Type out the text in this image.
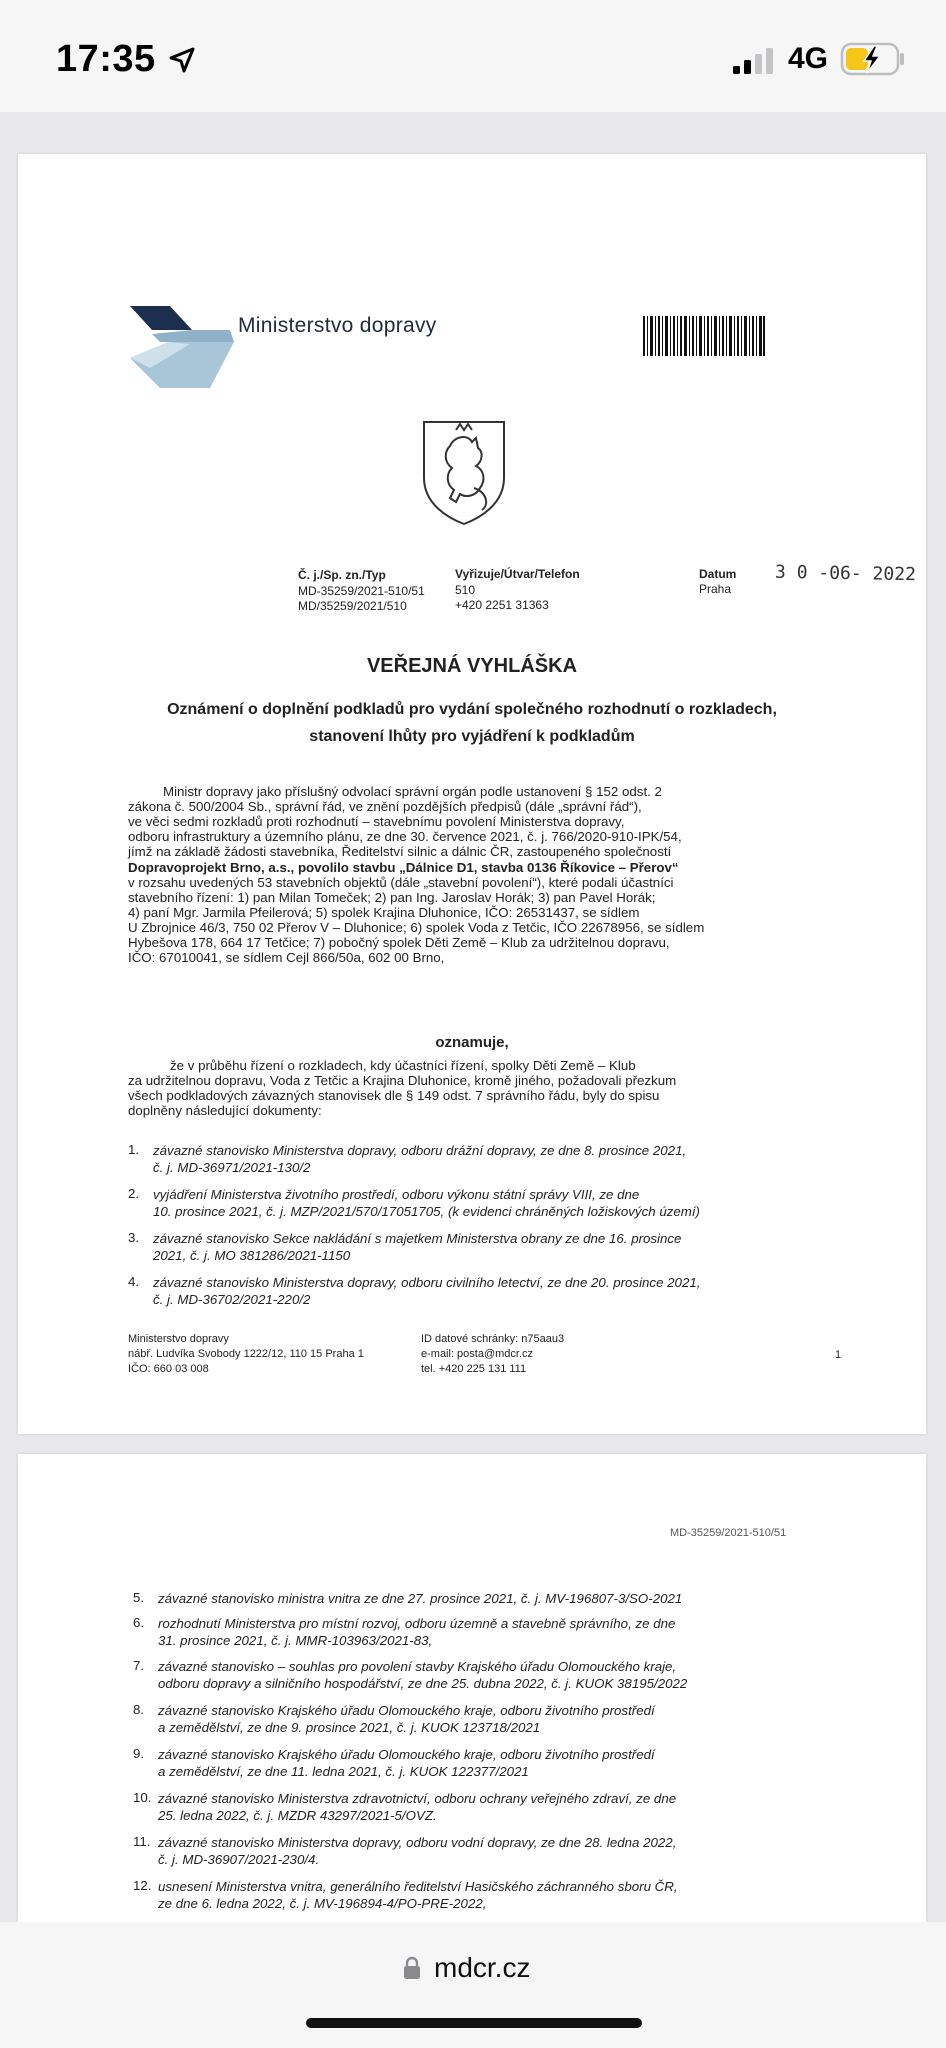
17:35	4G
Ministerstvo dopravy
Č. j./Sp. zn./Typ
MD-35259/2021-510/51
MD/35259/2021/510
Vyřizuje/Útvar/Telefon
510
+420 2251 31363
Datum
Praha
3 0 -06- 2022
VEŘEJNÁ VYHLÁŠKA
Oznámení o doplnění podkladů pro vydání společného rozhodnutí o rozkladech,
stanovení lhůty pro vyjádření k podkladům
Ministr dopravy jako příslušný odvolací správní orgán podle ustanovení § 152 odst. 2
zákona č. 500/2004 Sb., správní řád, ve znění pozdějších předpisů (dále „správní řád“),
ve věci sedmi rozkladů proti rozhodnutí – stavebnímu povolení Ministerstva dopravy,
odboru infrastruktury a územního plánu, ze dne 30. července 2021, č. j. 766/2020-910-IPK/54,
jímž na základě žádosti stavebníka, Ředitelství silnic a dálnic ČR, zastoupeného společností
Dopravoprojekt Brno, a.s., povolilo stavbu „Dálnice D1, stavba 0136 Říkovice – Přerov“
v rozsahu uvedených 53 stavebních objektů (dále „stavební povolení“), které podali účastníci
stavebního řízení: 1) pan Milan Tomeček; 2) pan Ing. Jaroslav Horák; 3) pan Pavel Horák;
4) paní Mgr. Jarmila Pfeilerová; 5) spolek Krajina Dluhonice, IČO: 26531437, se sídlem
U Zbrojnice 46/3, 750 02 Přerov V – Dluhonice; 6) spolek Voda z Tetčic, IČO 22678956, se sídlem
Hybešova 178, 664 17 Tetčice; 7) pobočný spolek Děti Země – Klub za udržitelnou dopravu,
IČO: 67010041, se sídlem Cejl 866/50a, 602 00 Brno,
oznamuje,
že v průběhu řízení o rozkladech, kdy účastníci řízení, spolky Děti Země – Klub
za udržitelnou dopravu, Voda z Tetčic a Krajina Dluhonice, kromě jiného, požadovali přezkum
všech podkladových závazných stanovisek dle § 149 odst. 7 správního řádu, byly do spisu
doplněny následující dokumenty:
1. závazné stanovisko Ministerstva dopravy, odboru drážní dopravy, ze dne 8. prosince 2021,
č. j. MD-36971/2021-130/2
2. vyjádření Ministerstva životního prostředí, odboru výkonu státní správy VIII, ze dne
10. prosince 2021, č. j. MZP/2021/570/17051705, (k evidenci chráněných ložiskových území)
3. závazné stanovisko Sekce nakládání s majetkem Ministerstva obrany ze dne 16. prosince
2021, č. j. MO 381286/2021-1150
4. závazné stanovisko Ministerstva dopravy, odboru civilního letectví, ze dne 20. prosince 2021,
č. j. MD-36702/2021-220/2
Ministerstvo dopravy
nábř. Ludvíka Svobody 1222/12, 110 15 Praha 1
IČO: 660 03 008
ID datové schránky: n75aau3
e-mail: posta@mdcr.cz
tel. +420 225 131 111
1
MD-35259/2021-510/51
5. závazné stanovisko ministra vnitra ze dne 27. prosince 2021, č. j. MV-196807-3/SO-2021
6. rozhodnutí Ministerstva pro místní rozvoj, odboru územně a stavebně správního, ze dne
31. prosince 2021, č. j. MMR-103963/2021-83,
7. závazné stanovisko – souhlas pro povolení stavby Krajského úřadu Olomouckého kraje,
odboru dopravy a silničního hospodářství, ze dne 25. dubna 2022, č. j. KUOK 38195/2022
8. závazné stanovisko Krajského úřadu Olomouckého kraje, odboru životního prostředí
a zemědělství, ze dne 9. prosince 2021, č. j. KUOK 123718/2021
9. závazné stanovisko Krajského úřadu Olomouckého kraje, odboru životního prostředí
a zemědělství, ze dne 11. ledna 2021, č. j. KUOK 122377/2021
10. závazné stanovisko Ministerstva zdravotnictví, odboru ochrany veřejného zdraví, ze dne
25. ledna 2022, č. j. MZDR 43297/2021-5/OVZ.
11. závazné stanovisko Ministerstva dopravy, odboru vodní dopravy, ze dne 28. ledna 2022,
č. j. MD-36907/2021-230/4.
12. usnesení Ministerstva vnitra, generálního ředitelství Hasičského záchranného sboru ČR,
ze dne 6. ledna 2022, č. j. MV-196894-4/PO-PRE-2022,
mdcr.cz
